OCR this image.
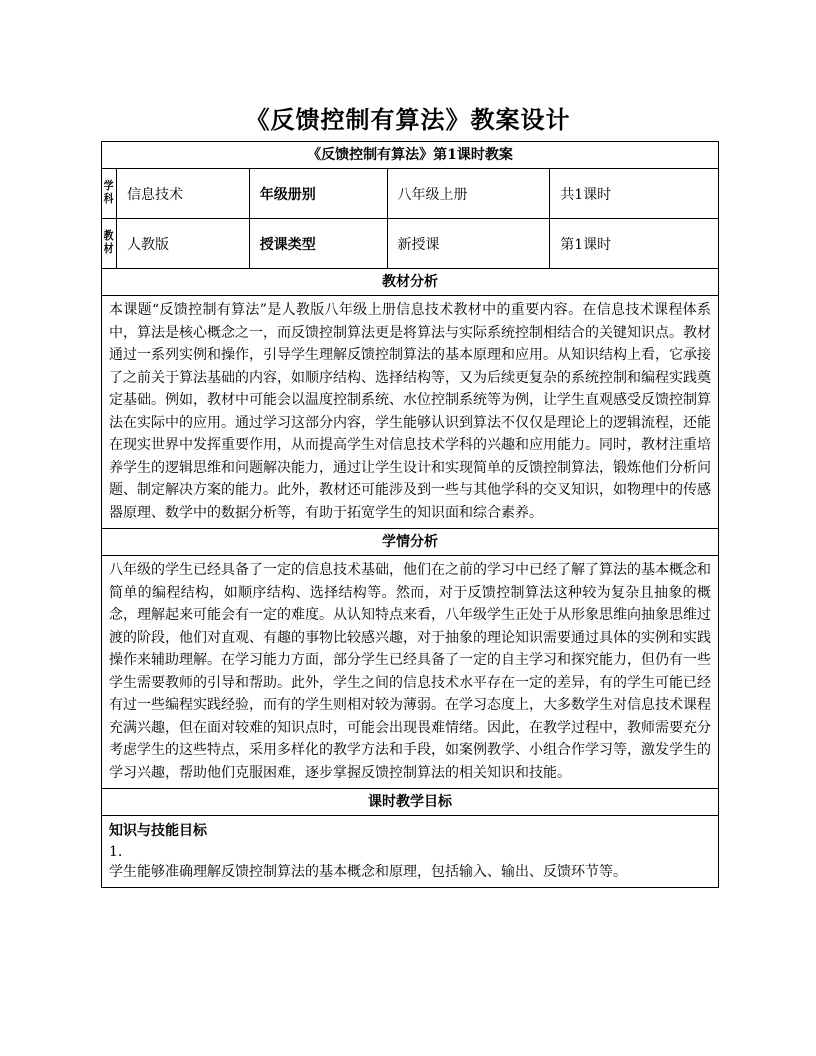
《反馈控制有算法》教案设计
《反馈控制有算法》第1课时教案
学科 信息技术	年级册别	八年级上册	共1课时
教材 人教版	授课类型	新授课	第1课时
教材分析
本课题“反馈控制有算法”是人教版八年级上册信息技术教材中的重要内容。在信息技术课程体系中，算法是核心概念之一，而反馈控制算法更是将算法与实际系统控制相结合的关键知识点。教材通过一系列实例和操作，引导学生理解反馈控制算法的基本原理和应用。从知识结构上看，它承接了之前关于算法基础的内容，如顺序结构、选择结构等，又为后续更复杂的系统控制和编程实践奠定基础。例如，教材中可能会以温度控制系统、水位控制系统等为例，让学生直观感受反馈控制算法在实际中的应用。通过学习这部分内容，学生能够认识到算法不仅仅是理论上的逻辑流程，还能在现实世界中发挥重要作用，从而提高学生对信息技术学科的兴趣和应用能力。同时，教材注重培养学生的逻辑思维和问题解决能力，通过让学生设计和实现简单的反馈控制算法，锻炼他们分析问题、制定解决方案的能力。此外，教材还可能涉及到一些与其他学科的交叉知识，如物理中的传感器原理、数学中的数据分析等，有助于拓宽学生的知识面和综合素养。
学情分析
八年级的学生已经具备了一定的信息技术基础，他们在之前的学习中已经了解了算法的基本概念和简单的编程结构，如顺序结构、选择结构等。然而，对于反馈控制算法这种较为复杂且抽象的概念，理解起来可能会有一定的难度。从认知特点来看，八年级学生正处于从形象思维向抽象思维过渡的阶段，他们对直观、有趣的事物比较感兴趣，对于抽象的理论知识需要通过具体的实例和实践操作来辅助理解。在学习能力方面，部分学生已经具备了一定的自主学习和探究能力，但仍有一些学生需要教师的引导和帮助。此外，学生之间的信息技术水平存在一定的差异，有的学生可能已经有过一些编程实践经验，而有的学生则相对较为薄弱。在学习态度上，大多数学生对信息技术课程充满兴趣，但在面对较难的知识点时，可能会出现畏难情绪。因此，在教学过程中，教师需要充分考虑学生的这些特点，采用多样化的教学方法和手段，如案例教学、小组合作学习等，激发学生的学习兴趣，帮助他们克服困难，逐步掌握反馈控制算法的相关知识和技能。
课时教学目标
知识与技能目标
1.
学生能够准确理解反馈控制算法的基本概念和原理，包括输入、输出、反馈环节等。
